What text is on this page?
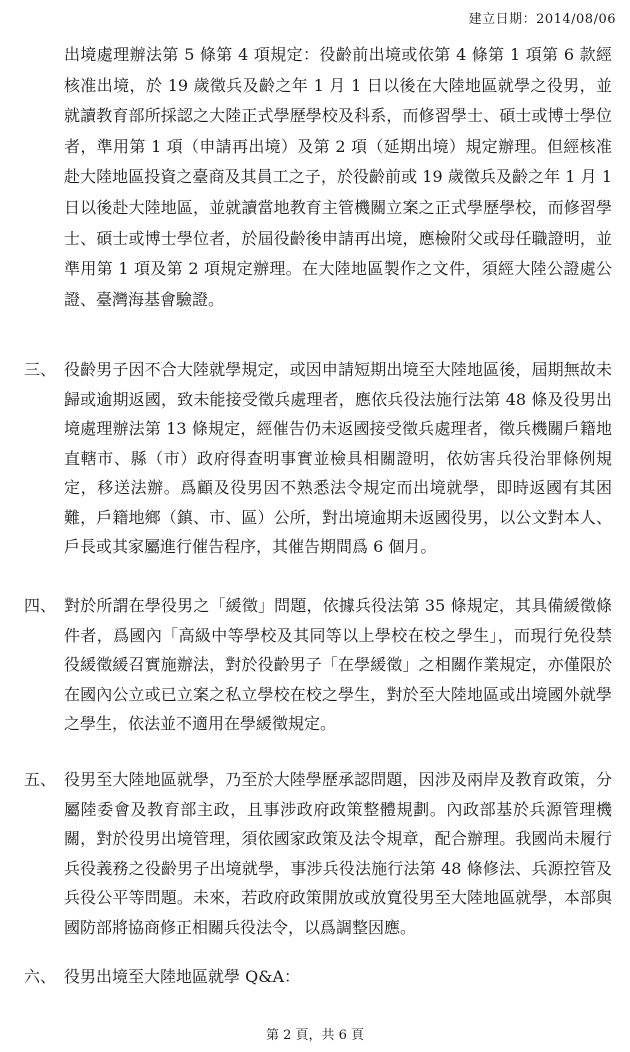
建立日期：2014/08/06
出境處理辦法第 5 條第 4 項規定：役齡前出境或依第 4 條第 1 項第 6 款經核准出境，於 19 歲徵兵及齡之年 1 月 1 日以後在大陸地區就學之役男，並就讀教育部所採認之大陸正式學歷學校及科系，而修習學士、碩士或博士學位者，準用第 1 項（申請再出境）及第 2 項（延期出境）規定辦理。但經核准赴大陸地區投資之臺商及其員工之子，於役齡前或 19 歲徵兵及齡之年 1 月 1 日以後赴大陸地區，並就讀當地教育主管機關立案之正式學歷學校，而修習學士、碩士或博士學位者，於屆役齡後申請再出境，應檢附父或母任職證明，並準用第 1 項及第 2 項規定辦理。在大陸地區製作之文件，須經大陸公證處公證、臺灣海基會驗證。
三、 役齡男子因不合大陸就學規定，或因申請短期出境至大陸地區後，屆期無故未歸或逾期返國，致未能接受徵兵處理者，應依兵役法施行法第 48 條及役男出境處理辦法第 13 條規定，經催告仍未返國接受徵兵處理者，徵兵機關戶籍地直轄市、縣（市）政府得查明事實並檢具相關證明，依妨害兵役治罪條例規定，移送法辦。爲顧及役男因不熟悉法令規定而出境就學，即時返國有其困難，戶籍地鄉（鎮、市、區）公所，對出境逾期未返國役男，以公文對本人、戶長或其家屬進行催告程序，其催告期間爲 6 個月。
四、 對於所謂在學役男之「緩徵」問題，依據兵役法第 35 條規定，其具備緩徵條件者，爲國內「高級中等學校及其同等以上學校在校之學生」，而現行免役禁役緩徵緩召實施辦法，對於役齡男子「在學緩徵」之相關作業規定，亦僅限於在國內公立或已立案之私立學校在校之學生，對於至大陸地區或出境國外就學之學生，依法並不適用在學緩徵規定。
五、 役男至大陸地區就學，乃至於大陸學歷承認問題，因涉及兩岸及教育政策，分屬陸委會及教育部主政，且事涉政府政策整體規劃。內政部基於兵源管理機關，對於役男出境管理，須依國家政策及法令規章，配合辦理。我國尚未履行兵役義務之役齡男子出境就學，事涉兵役法施行法第 48 條修法、兵源控管及兵役公平等問題。未來，若政府政策開放或放寬役男至大陸地區就學，本部與國防部將協商修正相關兵役法令，以爲調整因應。
六、 役男出境至大陸地區就學 Q&A：
第 2 頁，共 6 頁
